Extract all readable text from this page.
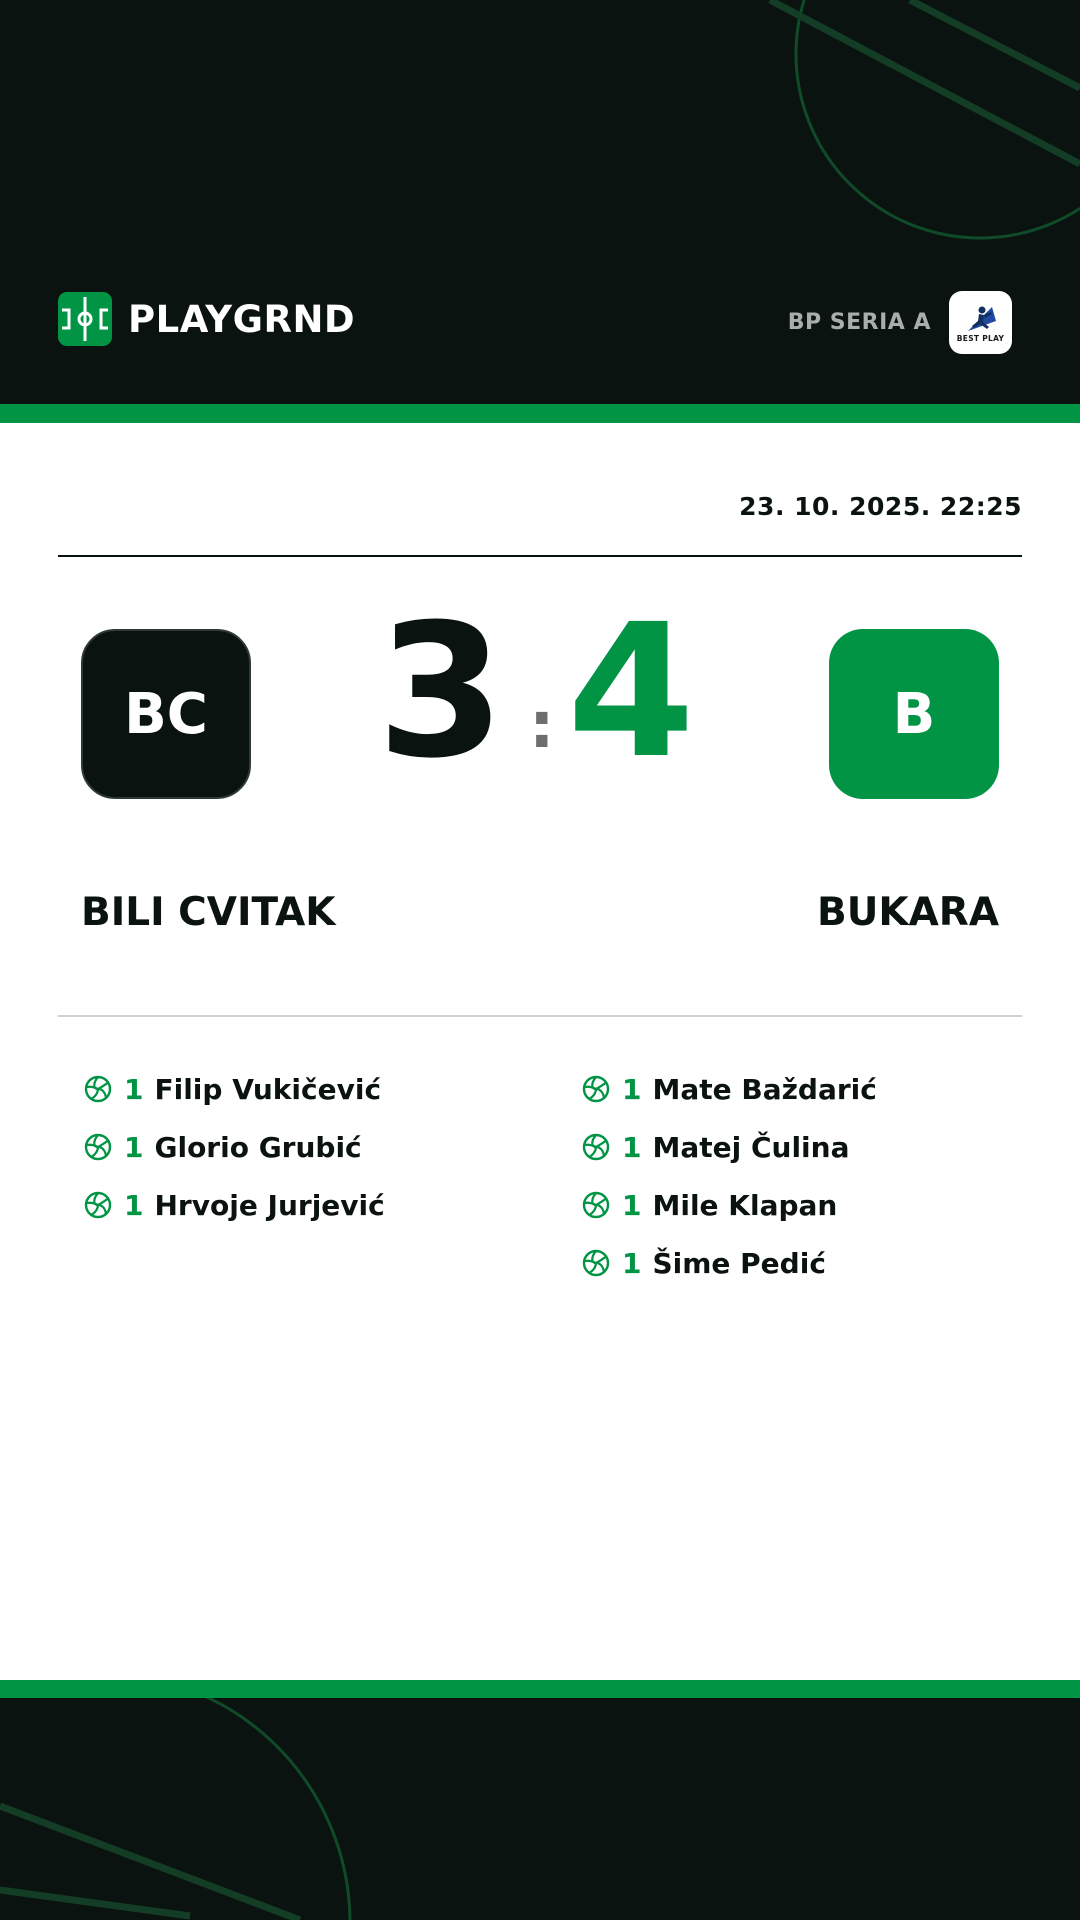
PLAYGRND	BP SERIA A
BEST PLAY
23. 10. 2025. 22:25
BC 3 : 4	B
BILI CVITAK	BUKARA
1 Filip Vukičević
1 Glorio Grubić
1 Hrvoje Jurjević
1 Mate Baždarić
1 Matej Čulina
1 Mile Klapan
1 Šime Pedić
